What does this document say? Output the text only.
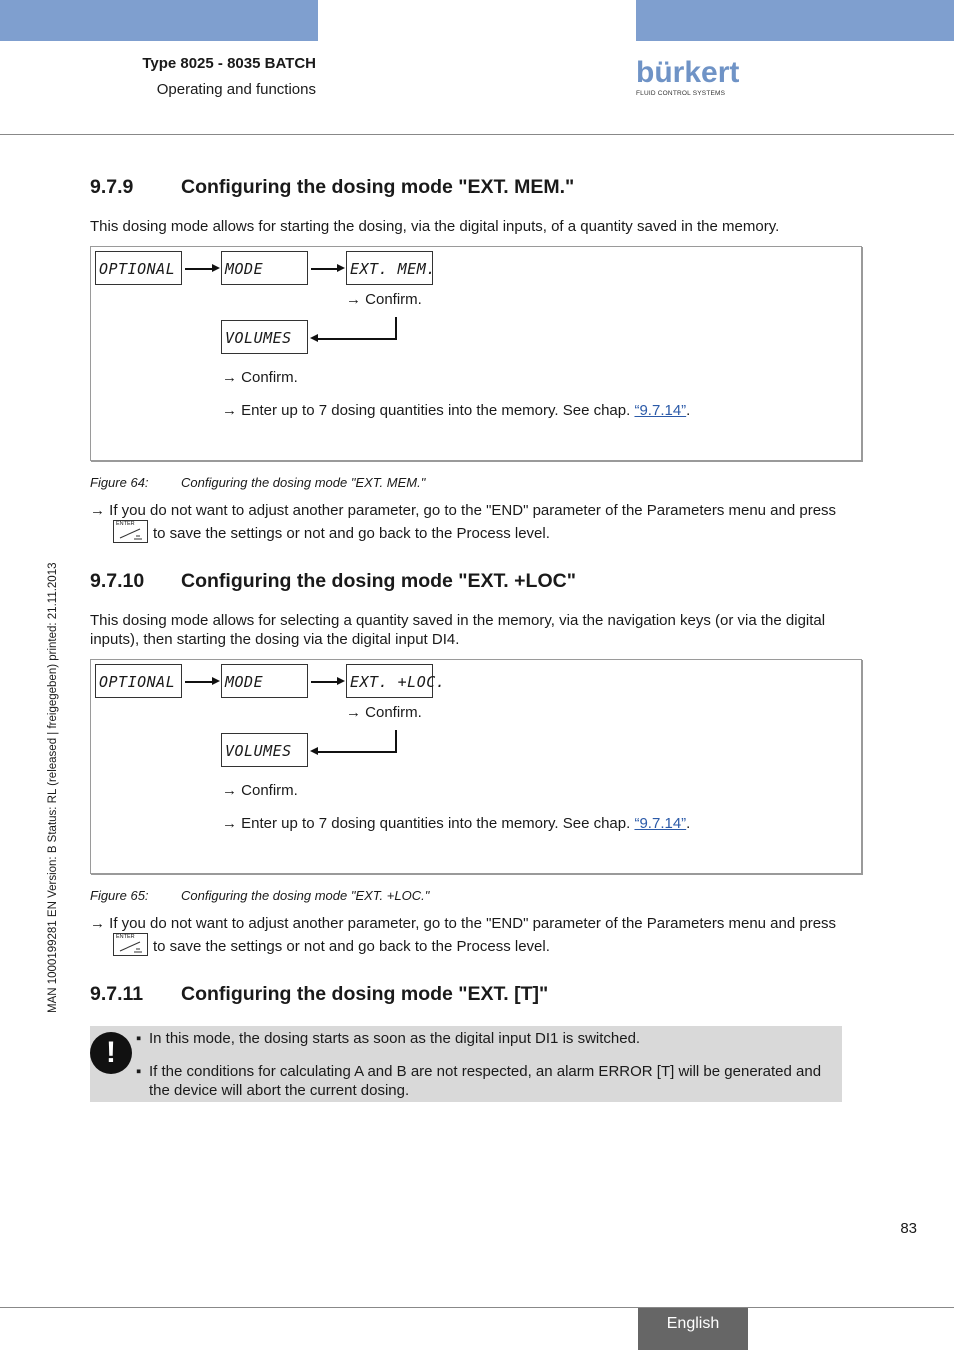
Type 8025 - 8035 BATCH
Operating and functions
bürkert
FLUID CONTROL SYSTEMS
MAN 1000199281 EN Version: B Status: RL (released | freigegeben) printed: 21.11.2013
9.7.9 Configuring the dosing mode "EXT. MEM."
This dosing mode allows for starting the dosing, via the digital inputs, of a quantity saved in the memory.
OPTIONAL	MODE	EXT. MEM.
→ Confirm.
VOLUMES
→ Confirm.
→ Enter up to 7 dosing quantities into the memory. See chap. “9.7.14”.
Figure 64: Configuring the dosing mode "EXT. MEM."
→ If you do not want to adjust another parameter, go to the "END" parameter of the Parameters menu and press
ENTER
to save the settings or not and go back to the Process level.
9.7.10 Configuring the dosing mode "EXT. +LOC"
This dosing mode allows for selecting a quantity saved in the memory, via the navigation keys (or via the digital inputs), then starting the dosing via the digital input DI4.
OPTIONAL	MODE	EXT. +LOC.
→ Confirm.
VOLUMES
→ Confirm.
→ Enter up to 7 dosing quantities into the memory. See chap. “9.7.14”.
Figure 65: Configuring the dosing mode "EXT. +LOC."
→ If you do not want to adjust another parameter, go to the "END" parameter of the Parameters menu and press
ENTER
to save the settings or not and go back to the Process level.
9.7.11 Configuring the dosing mode "EXT. [T]"
!	▪ In this mode, the dosing starts as soon as the digital input DI1 is switched.
▪ If the conditions for calculating A and B are not respected, an alarm ERROR [T] will be generated and the device will abort the current dosing.
83
English
